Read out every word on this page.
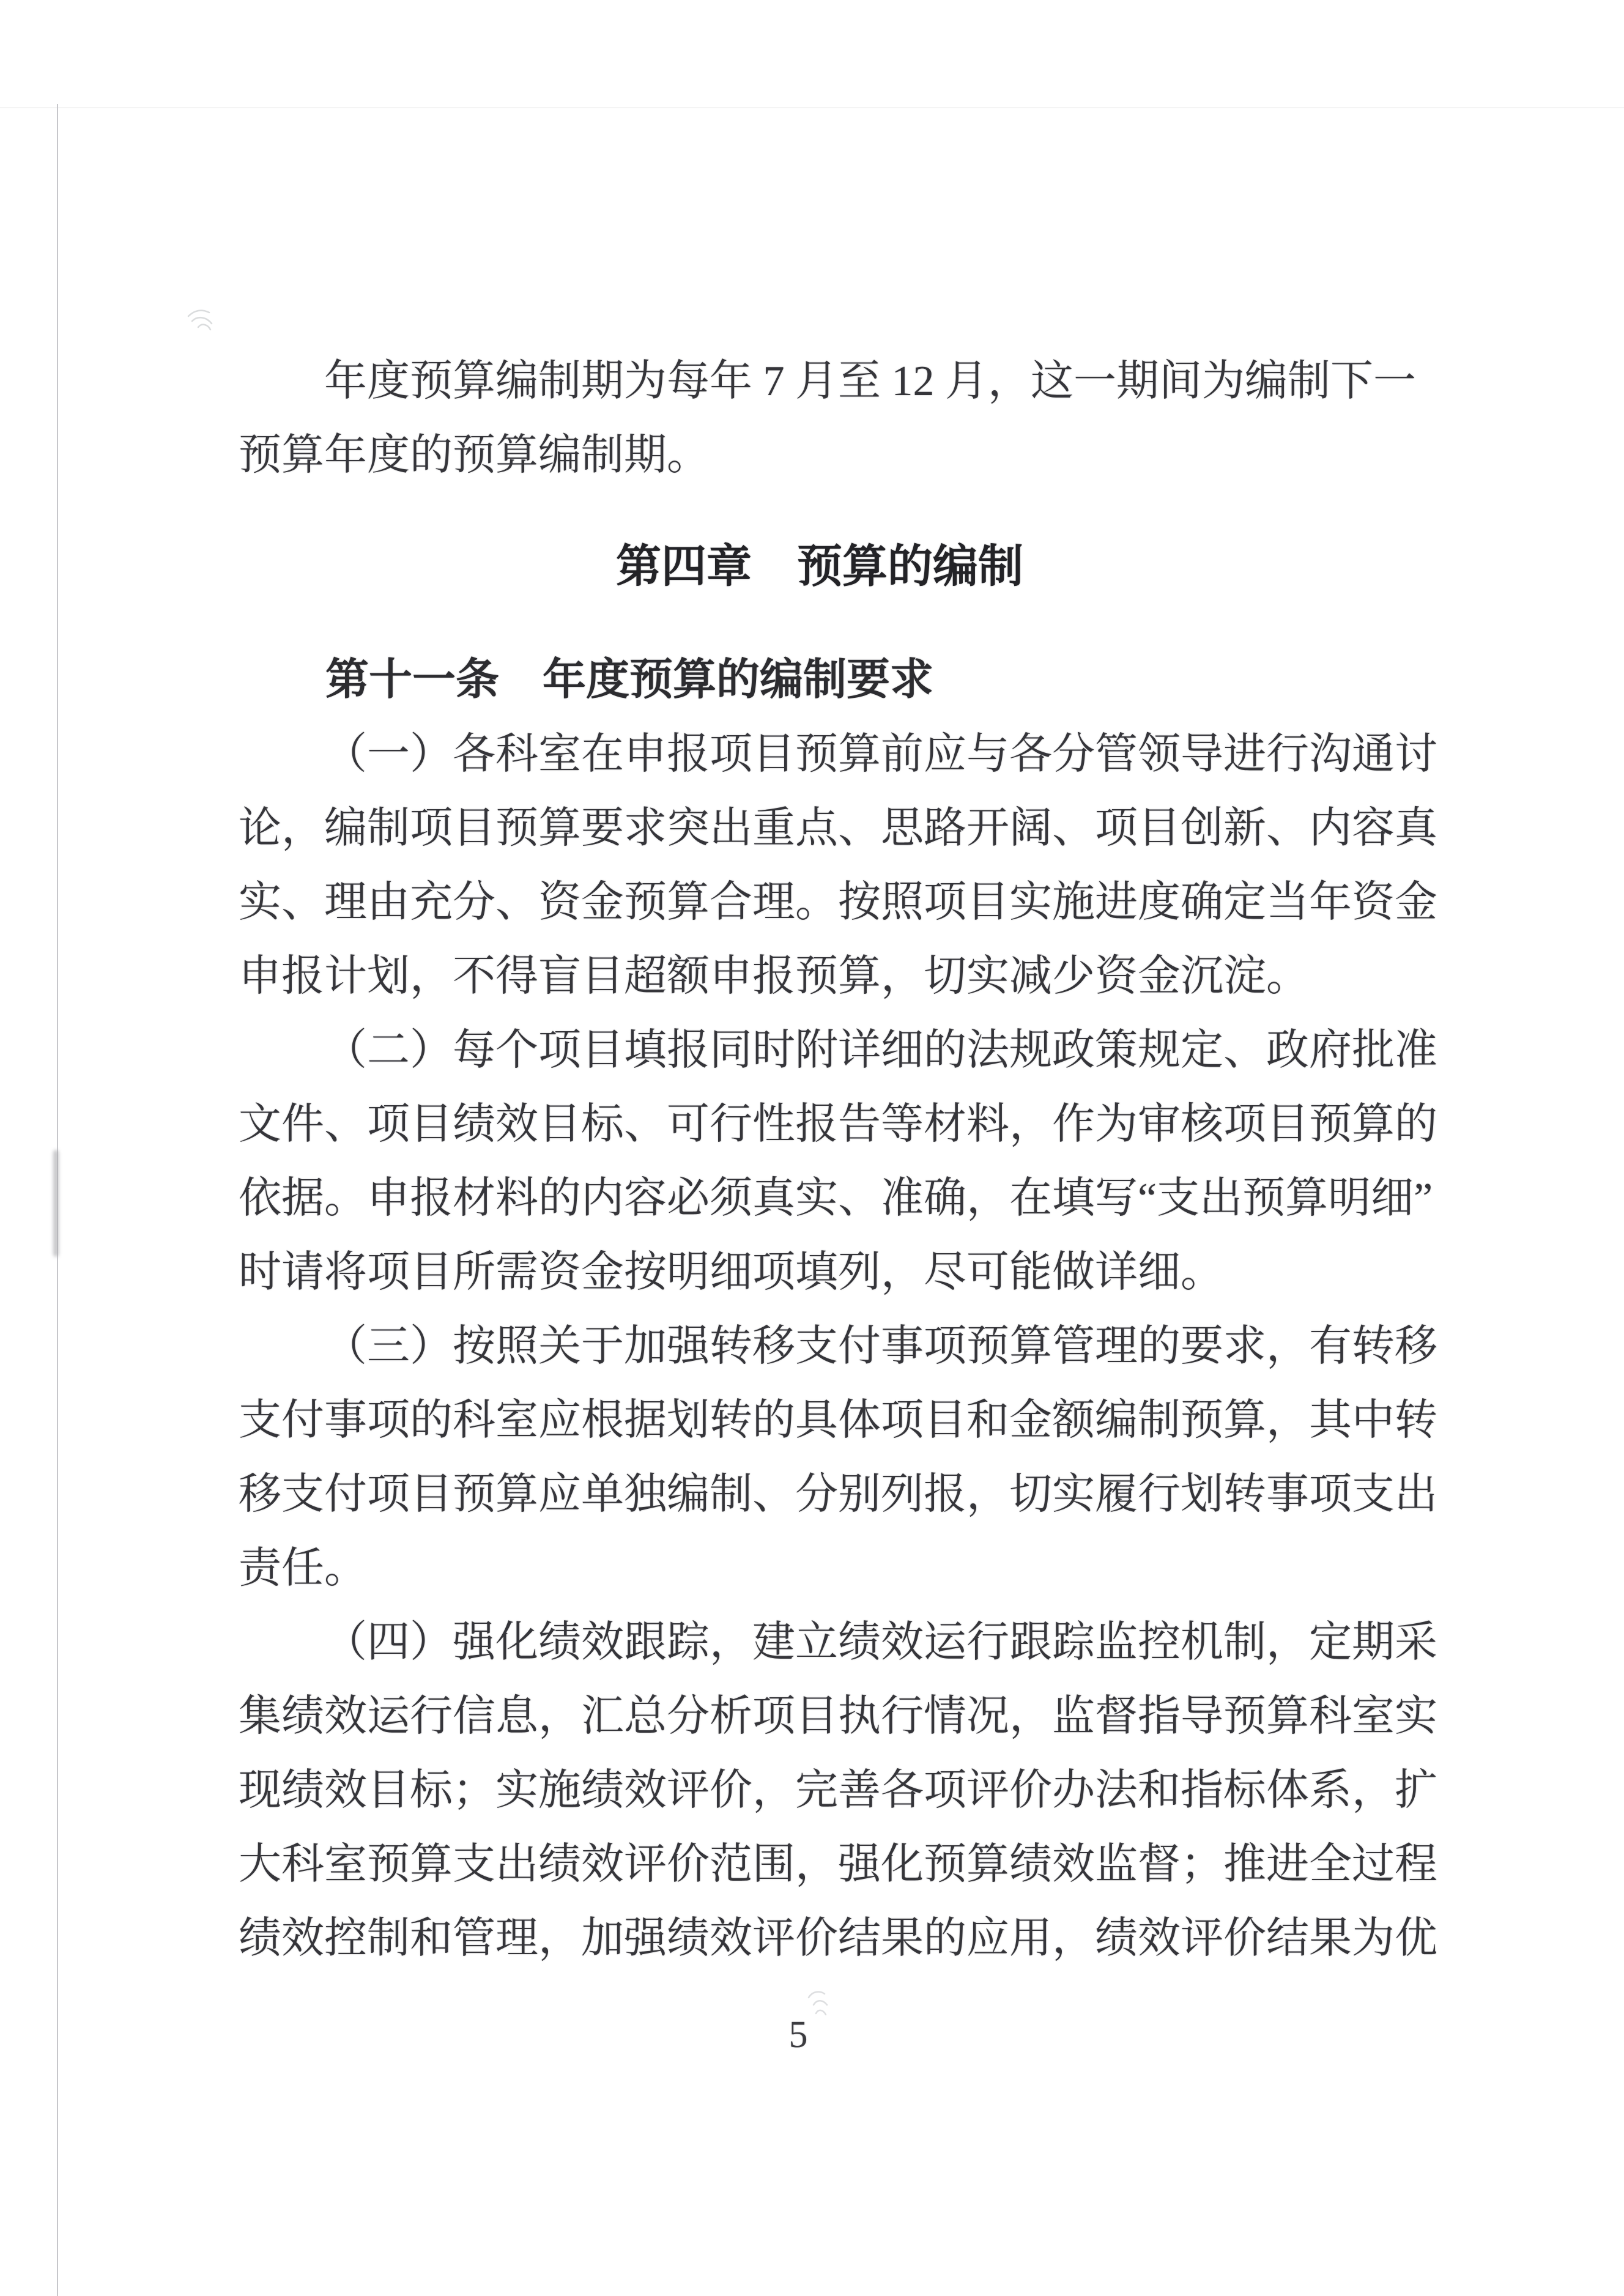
年度预算编制期为每年 7 月至 12 月，这一期间为编制下一
预算年度的预算编制期。
第四章　预算的编制
第十一条　年度预算的编制要求
（一）各科室在申报项目预算前应与各分管领导进行沟通讨
论，编制项目预算要求突出重点、思路开阔、项目创新、内容真
实、理由充分、资金预算合理。按照项目实施进度确定当年资金
申报计划，不得盲目超额申报预算，切实减少资金沉淀。
（二）每个项目填报同时附详细的法规政策规定、政府批准
文件、项目绩效目标、可行性报告等材料，作为审核项目预算的
依据。申报材料的内容必须真实、准确，在填写“支出预算明细”
时请将项目所需资金按明细项填列，尽可能做详细。
（三）按照关于加强转移支付事项预算管理的要求，有转移
支付事项的科室应根据划转的具体项目和金额编制预算，其中转
移支付项目预算应单独编制、分别列报，切实履行划转事项支出
责任。
（四）强化绩效跟踪，建立绩效运行跟踪监控机制，定期采
集绩效运行信息，汇总分析项目执行情况，监督指导预算科室实
现绩效目标；实施绩效评价，完善各项评价办法和指标体系，扩
大科室预算支出绩效评价范围，强化预算绩效监督；推进全过程
绩效控制和管理，加强绩效评价结果的应用，绩效评价结果为优
5
